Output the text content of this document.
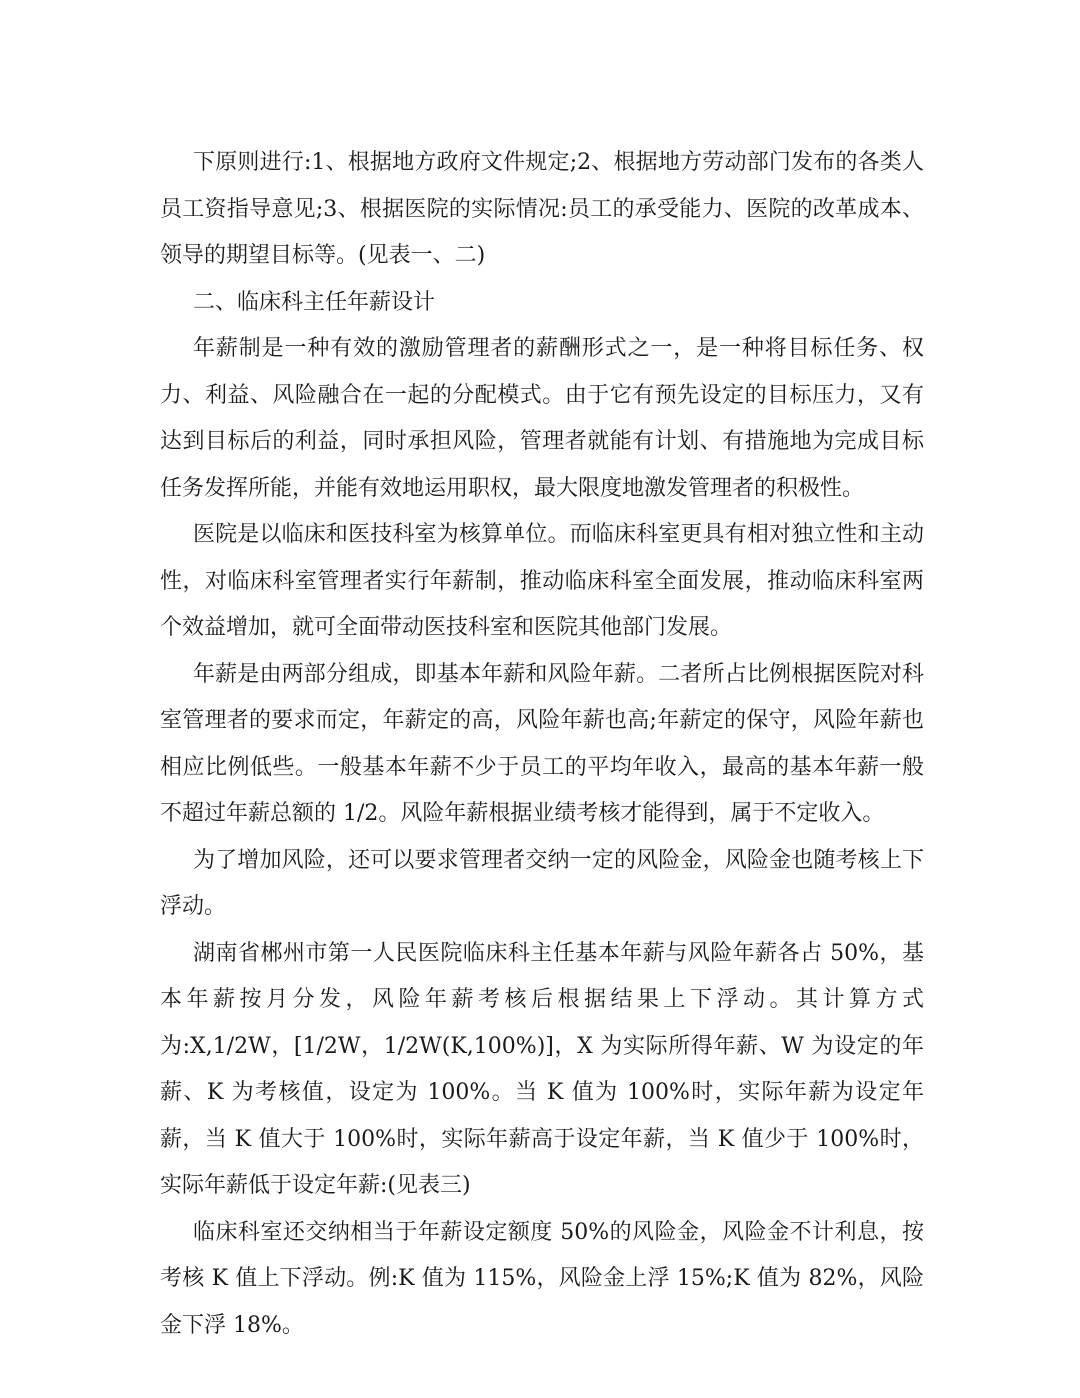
下原则进行:1、根据地方政府文件规定;2、根据地方劳动部门发布的各类人员工资指导意见;3、根据医院的实际情况:员工的承受能力、医院的改革成本、领导的期望目标等。(见表一、二)

二、临床科主任年薪设计

年薪制是一种有效的激励管理者的薪酬形式之一，是一种将目标任务、权力、利益、风险融合在一起的分配模式。由于它有预先设定的目标压力，又有达到目标后的利益，同时承担风险，管理者就能有计划、有措施地为完成目标任务发挥所能，并能有效地运用职权，最大限度地激发管理者的积极性。

医院是以临床和医技科室为核算单位。而临床科室更具有相对独立性和主动性，对临床科室管理者实行年薪制，推动临床科室全面发展，推动临床科室两个效益增加，就可全面带动医技科室和医院其他部门发展。

年薪是由两部分组成，即基本年薪和风险年薪。二者所占比例根据医院对科室管理者的要求而定，年薪定的高，风险年薪也高;年薪定的保守，风险年薪也相应比例低些。一般基本年薪不少于员工的平均年收入，最高的基本年薪一般不超过年薪总额的 1/2。风险年薪根据业绩考核才能得到，属于不定收入。

为了增加风险，还可以要求管理者交纳一定的风险金，风险金也随考核上下浮动。

湖南省郴州市第一人民医院临床科主任基本年薪与风险年薪各占 50%，基本年薪按月分发，风险年薪考核后根据结果上下浮动。其计算方式为:X,1/2W，[1/2W，1/2W(K,100%)]，X 为实际所得年薪、W 为设定的年薪、K 为考核值，设定为 100%。当 K 值为 100%时，实际年薪为设定年薪，当 K 值大于 100%时，实际年薪高于设定年薪，当 K 值少于 100%时，实际年薪低于设定年薪:(见表三)

临床科室还交纳相当于年薪设定额度 50%的风险金，风险金不计利息，按考核 K 值上下浮动。例:K 值为 115%，风险金上浮 15%;K 值为 82%，风险金下浮 18%。
